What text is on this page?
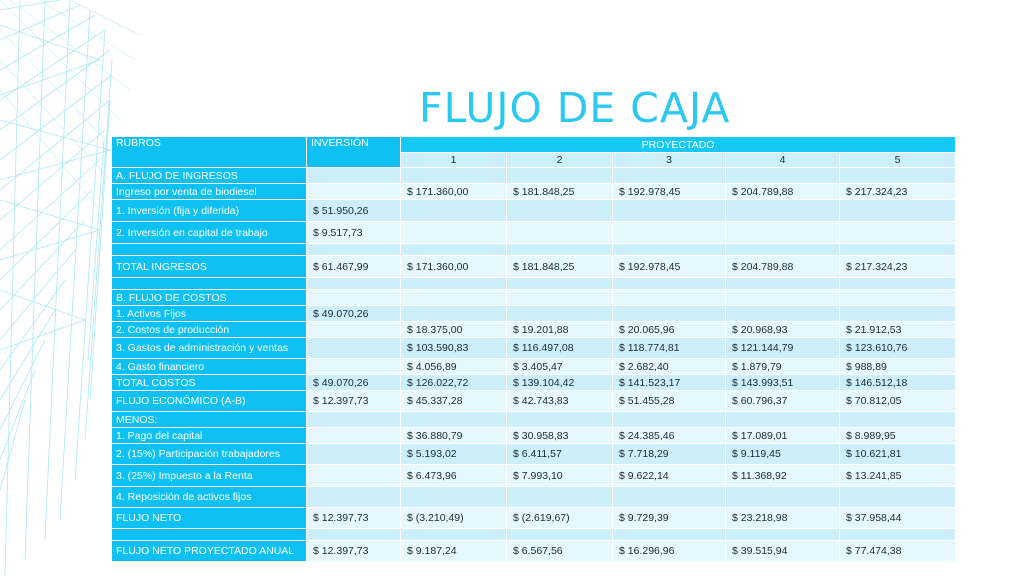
FLUJO DE CAJA
RUBROS	INVERSIÓN	PROYECTADO				
		1	2	3	4	5
A. FLUJO DE INGRESOS						
Ingreso por venta de biodiesel		$ 171.360,00	$ 181.848,25	$ 192.978,45	$ 204.789,88	$ 217.324,23
1. Inversión (fija y diferida)	$ 51.950,26					
2. Inversión en capital de trabajo	$ 9.517,73					

TOTAL INGRESOS	$ 61.467,99	$ 171.360,00	$ 181.848,25	$ 192.978,45	$ 204.789,88	$ 217.324,23

B. FLUJO DE COSTOS						
1. Activos Fijos	$ 49.070,26					
2. Costos de producción		$ 18.375,00	$ 19.201,88	$ 20.065,96	$ 20.968,93	$ 21.912,53
3. Gastos de administración y ventas		$ 103.590,83	$ 116.497,08	$ 118.774,81	$ 121.144,79	$ 123.610,76
4. Gasto financiero		$ 4.056,89	$ 3.405,47	$ 2.682,40	$ 1.879,79	$ 988,89
TOTAL COSTOS	$ 49.070,26	$ 126.022,72	$ 139.104,42	$ 141.523,17	$ 143.993,51	$ 146.512,18
FLUJO ECONÓMICO (A-B)	$ 12.397,73	$ 45.337,28	$ 42.743,83	$ 51.455,28	$ 60.796,37	$ 70.812,05
MENOS:						
1. Pago del capital		$ 36.880,79	$ 30.958,83	$ 24.385,46	$ 17.089,01	$ 8.989,95
2. (15%) Participación trabajadores		$ 5.193,02	$ 6.411,57	$ 7.718,29	$ 9.119,45	$ 10.621,81
3. (25%) Impuesto a la Renta		$ 6.473,96	$ 7.993,10	$ 9.622,14	$ 11.368,92	$ 13.241,85
4. Reposición de activos fijos						
FLUJO NETO	$ 12.397,73	$ (3.210,49)	$ (2.619,67)	$ 9.729,39	$ 23.218,98	$ 37.958,44

FLUJO NETO PROYECTADO ANUAL	$ 12.397,73	$ 9.187,24	$ 6.567,56	$ 16.296,96	$ 39.515,94	$ 77.474,38
